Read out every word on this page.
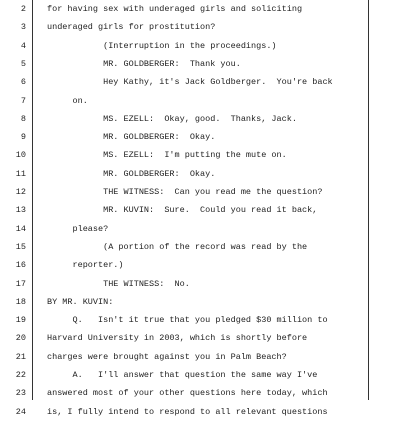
2 for having sex with underaged girls and soliciting
3 underaged girls for prostitution?
4 (Interruption in the proceedings.)
5 MR. GOLDBERGER:  Thank you.
6 Hey Kathy, it's Jack Goldberger.  You're back
7 on.
8 MS. EZELL:  Okay, good.  Thanks, Jack.
9 MR. GOLDBERGER:  Okay.
10 MS. EZELL:  I'm putting the mute on.
11 MR. GOLDBERGER:  Okay.
12 THE WITNESS:  Can you read me the question?
13 MR. KUVIN:  Sure.  Could you read it back,
14 please?
15 (A portion of the record was read by the
16 reporter.)
17 THE WITNESS:  No.
18 BY MR. KUVIN:
19 Q.   Isn't it true that you pledged $30 million to
20 Harvard University in 2003, which is shortly before
21 charges were brought against you in Palm Beach?
22 A.   I'll answer that question the same way I've
23 answered most of your other questions here today, which
24 is, I fully intend to respond to all relevant questions
